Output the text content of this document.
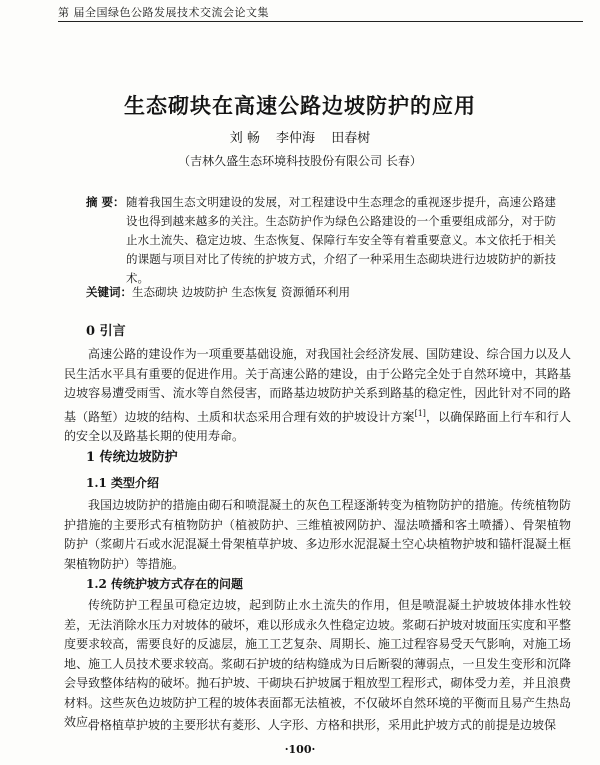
第 届全国绿色公路发展技术交流会论文集
生态砌块在高速公路边坡防护的应用
刘 畅 李仲海 田春树
（吉林久盛生态环境科技股份有限公司 长春）
摘 要： 随着我国生态文明建设的发展，对工程建设中生态理念的重视逐步提升，高速公路建设也得到越来越多的关注。生态防护作为绿色公路建设的一个重要组成部分，对于防止水土流失、稳定边坡、生态恢复、保障行车安全等有着重要意义。本文依托于相关的课题与项目对比了传统的护坡方式，介绍了一种采用生态砌块进行边坡防护的新技术。
关键词：生态砌块 边坡防护 生态恢复 资源循环利用
0 引言
高速公路的建设作为一项重要基础设施，对我国社会经济发展、国防建设、综合国力以及人民生活水平具有重要的促进作用。关于高速公路的建设，由于公路完全处于自然环境中，其路基边坡容易遭受雨雪、流水等自然侵害，而路基边坡防护关系到路基的稳定性，因此针对不同的路基（路堑）边坡的结构、土质和状态采用合理有效的护坡设计方案[1]，以确保路面上行车和行人的安全以及路基长期的使用寿命。
1 传统边坡防护
1.1 类型介绍
我国边坡防护的措施由砌石和喷混凝土的灰色工程逐渐转变为植物防护的措施。传统植物防护措施的主要形式有植物防护（植被防护、三维植被网防护、湿法喷播和客土喷播）、骨架植物防护（浆砌片石或水泥混凝土骨架植草护坡、多边形水泥混凝土空心块植物护坡和锚杆混凝土框架植物防护）等措施。
1.2 传统护坡方式存在的问题
传统防护工程虽可稳定边坡，起到防止水土流失的作用，但是喷混凝土护坡坡体排水性较差，无法消除水压力对坡体的破坏，难以形成永久性稳定边坡。浆砌石护坡对坡面压实度和平整度要求较高，需要良好的反滤层，施工工艺复杂、周期长、施工过程容易受天气影响，对施工场地、施工人员技术要求较高。浆砌石护坡的结构缝成为日后断裂的薄弱点，一旦发生变形和沉降会导致整体结构的破坏。抛石护坡、干砌块石护坡属于粗放型工程形式，砌体受力差，并且浪费材料。这些灰色边坡防护工程的坡体表面都无法植被，不仅破坏自然环境的平衡而且易产生热岛效应。
骨格植草护坡的主要形状有菱形、人字形、方格和拱形，采用此护坡方式的前提是边坡保
·100·
